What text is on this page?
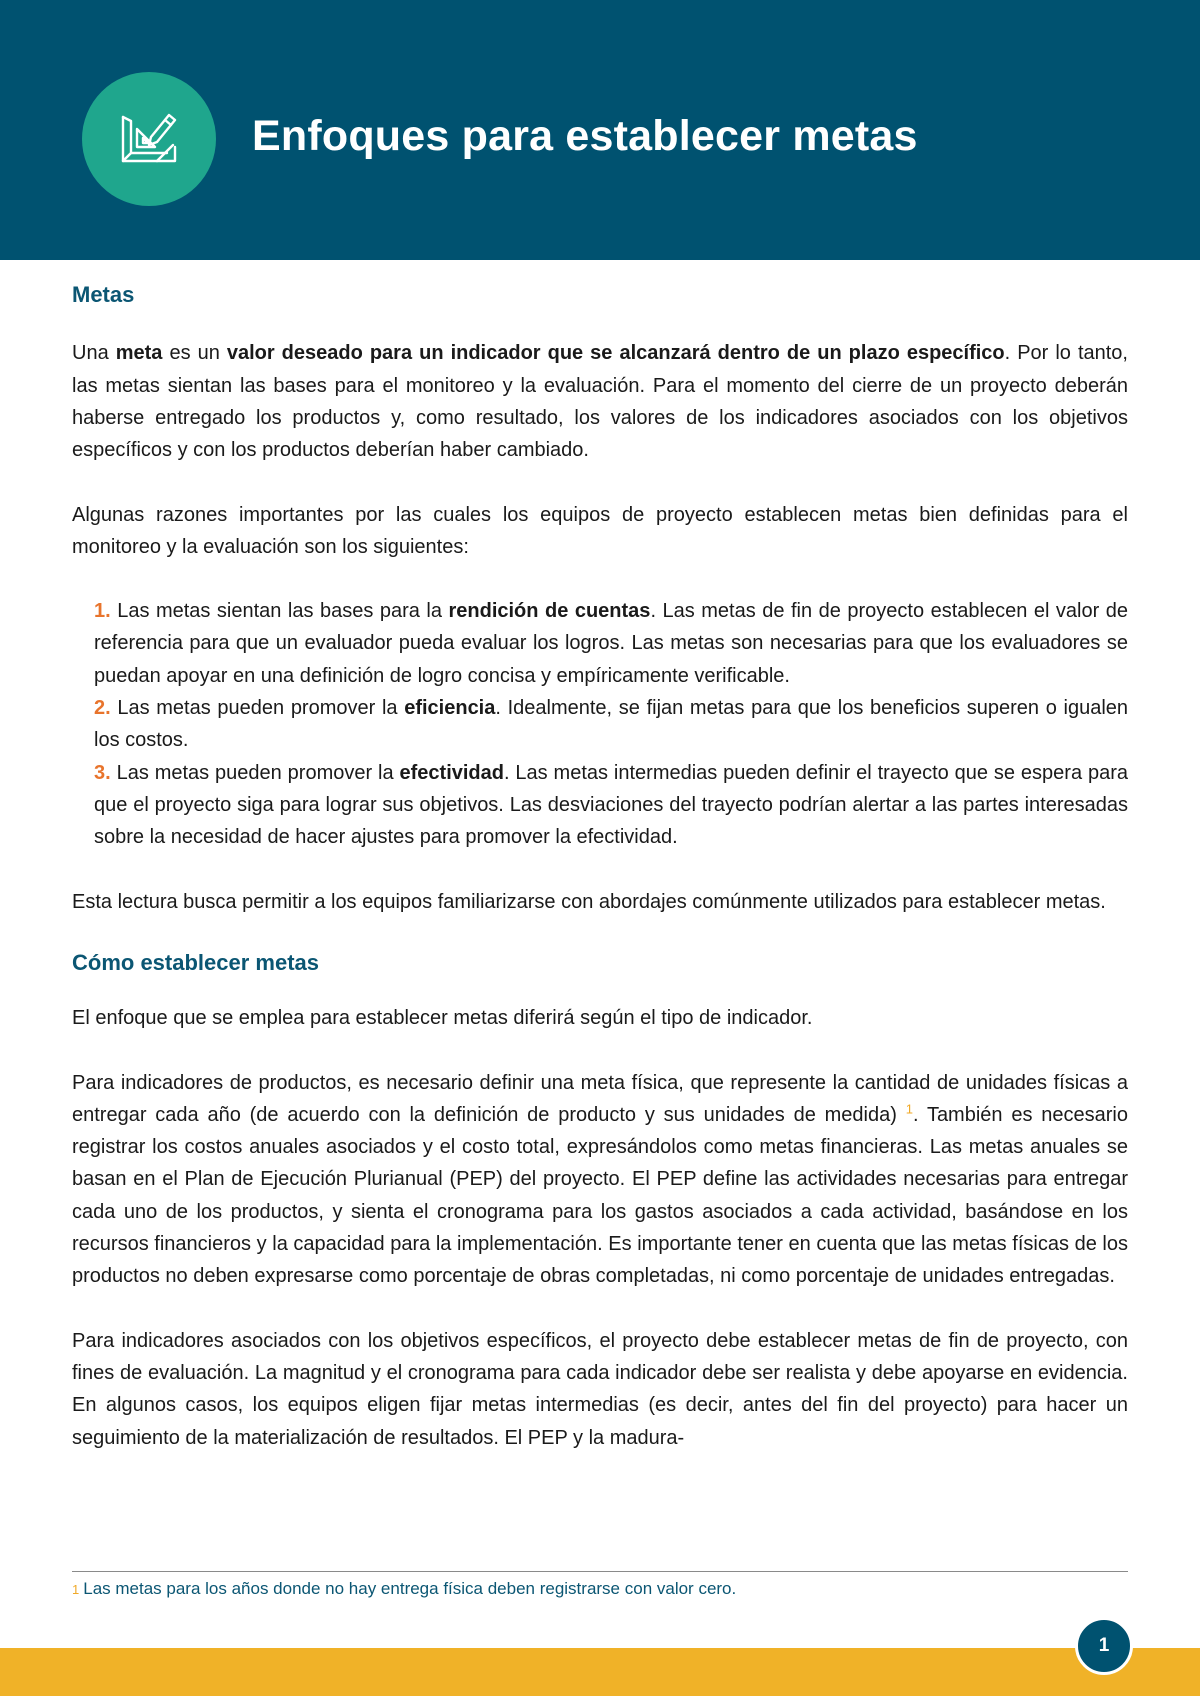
Enfoques para establecer metas
Metas

Una meta es un valor deseado para un indicador que se alcanzará dentro de un plazo específico. Por lo tanto, las metas sientan las bases para el monitoreo y la evaluación. Para el momento del cierre de un proyecto deberán haberse entregado los productos y, como resultado, los valores de los indicadores asociados con los objetivos específicos y con los productos deberían haber cambiado.

Algunas razones importantes por las cuales los equipos de proyecto establecen metas bien definidas para el monitoreo y la evaluación son los siguientes:

1. Las metas sientan las bases para la rendición de cuentas. Las metas de fin de proyecto establecen el valor de referencia para que un evaluador pueda evaluar los logros. Las metas son necesarias para que los evaluadores se puedan apoyar en una definición de logro concisa y empíricamente verificable.
2. Las metas pueden promover la eficiencia. Idealmente, se fijan metas para que los beneficios superen o igualen los costos.
3. Las metas pueden promover la efectividad. Las metas intermedias pueden definir el trayecto que se espera para que el proyecto siga para lograr sus objetivos. Las desviaciones del trayecto podrían alertar a las partes interesadas sobre la necesidad de hacer ajustes para promover la efectividad.

Esta lectura busca permitir a los equipos familiarizarse con abordajes comúnmente utilizados para establecer metas.

Cómo establecer metas

El enfoque que se emplea para establecer metas diferirá según el tipo de indicador.

Para indicadores de productos, es necesario definir una meta física, que represente la cantidad de unidades físicas a entregar cada año (de acuerdo con la definición de producto y sus unidades de medida) $^1$. También es necesario registrar los costos anuales asociados y el costo total, expresándolos como metas financieras. Las metas anuales se basan en el Plan de Ejecución Plurianual (PEP) del proyecto. El PEP define las actividades necesarias para entregar cada uno de los productos, y sienta el cronograma para los gastos asociados a cada actividad, basándose en los recursos financieros y la capacidad para la implementación. Es importante tener en cuenta que las metas físicas de los productos no deben expresarse como porcentaje de obras completadas, ni como porcentaje de unidades entregadas.

Para indicadores asociados con los objetivos específicos, el proyecto debe establecer metas de fin de proyecto, con fines de evaluación. La magnitud y el cronograma para cada indicador debe ser realista y debe apoyarse en evidencia. En algunos casos, los equipos eligen fijar metas intermedias (es decir, antes del fin del proyecto) para hacer un seguimiento de la materialización de resultados. El PEP y la madura-

1 Las metas para los años donde no hay entrega física deben registrarse con valor cero.
1
